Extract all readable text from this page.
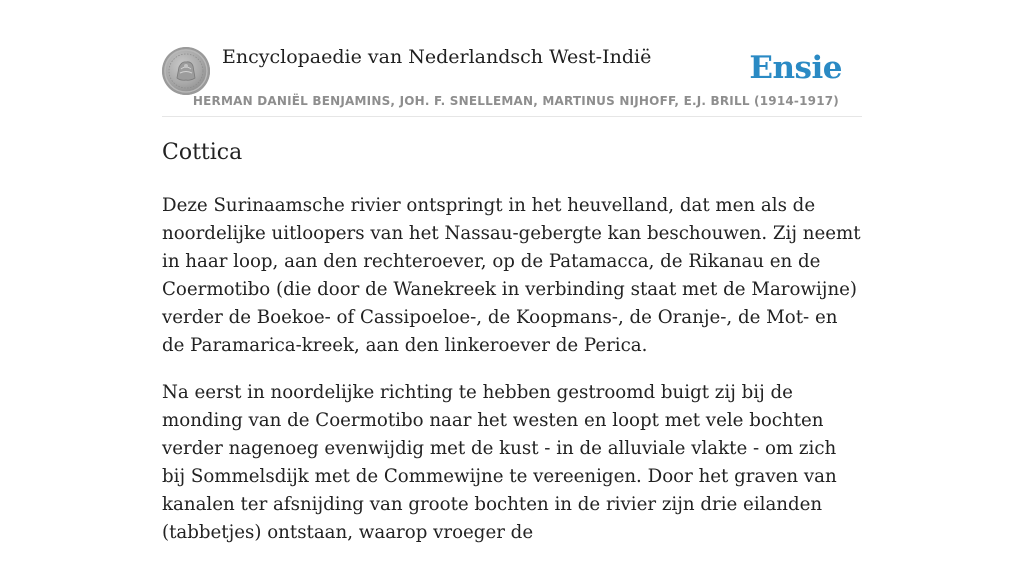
Encyclopaedie van Nederlandsch West-Indië	Ensie
HERMAN DANIËL BENJAMINS, JOH. F. SNELLEMAN, MARTINUS NIJHOFF, E.J. BRILL (1914-1917)
Cottica

Deze Surinaamsche rivier ontspringt in het heuvelland, dat men als de noordelijke uitloopers van het Nassau-gebergte kan beschouwen. Zij neemt in haar loop, aan den rechteroever, op de Patamacca, de Rikanau en de Coermotibo (die door de Wanekreek in verbinding staat met de Marowijne) verder de Boekoe- of Cassipoeloe-, de Koopmans-, de Oranje-, de Mot- en de Paramarica-kreek, aan den linkeroever de Perica.

Na eerst in noordelijke richting te hebben gestroomd buigt zij bij de monding van de Coermotibo naar het westen en loopt met vele bochten verder nagenoeg evenwijdig met de kust - in de alluviale vlakte - om zich bij Sommelsdijk met de Commewijne te vereenigen. Door het graven van kanalen ter afsnijding van groote bochten in de rivier zijn drie eilanden (tabbetjes) ontstaan, waarop vroeger de
